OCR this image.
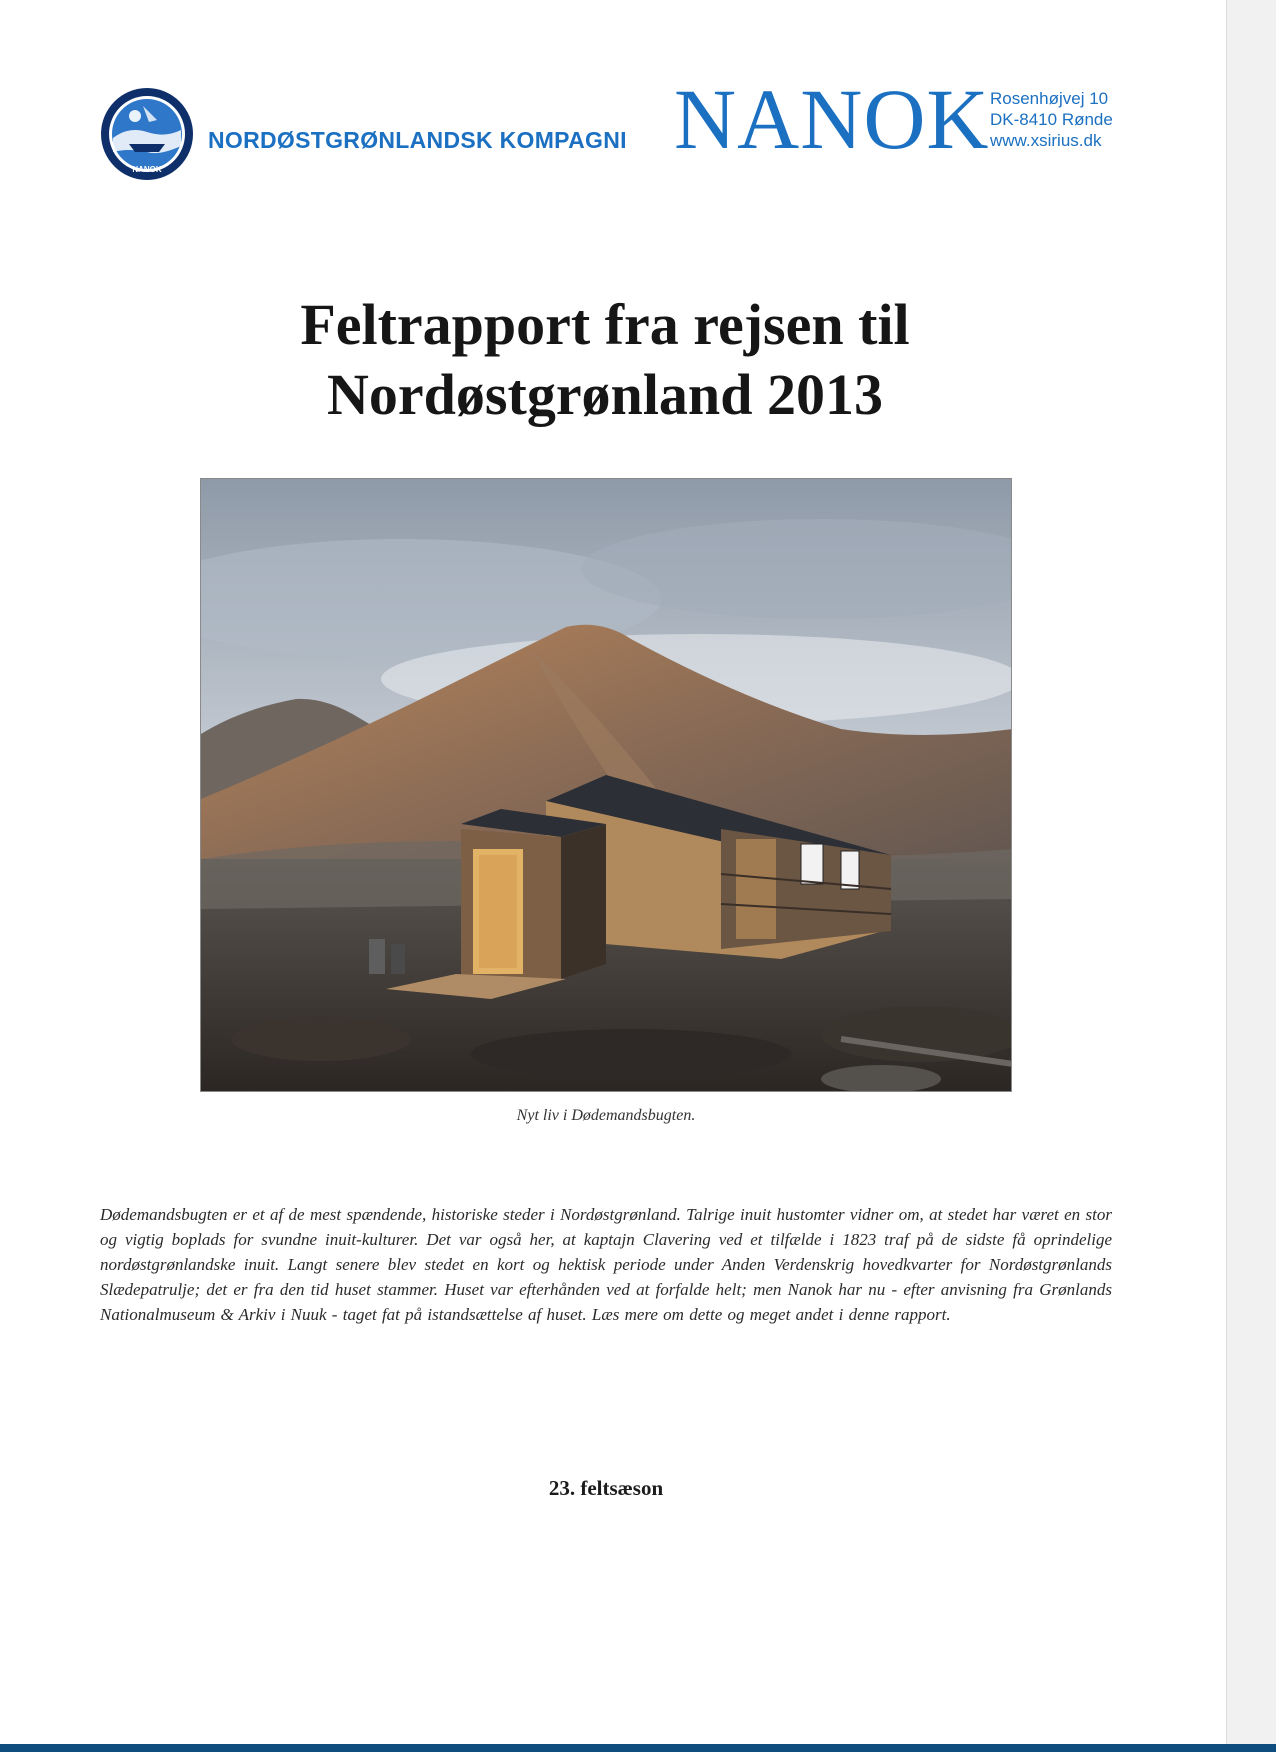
NANOK
NORDØSTGRØNLANDSK KOMPAGNI NANOK Rosenhøjvej 10
DK-8410 Rønde
www.xsirius.dk
Feltrapport fra rejsen til
Nordøstgrønland 2013
Nyt liv i Dødemandsbugten.
Dødemandsbugten er et af de mest spændende, historiske steder i Nordøstgrønland. Talrige inuit hustomter vidner om, at stedet har været en stor og vigtig boplads for svundne inuit-kulturer. Det var også her, at kaptajn Clavering ved et tilfælde i 1823 traf på de sidste få oprindelige nordøstgrønlandske inuit. Langt senere blev stedet en kort og hektisk periode under Anden Verdenskrig hovedkvarter for Nordøstgrønlands Slædepatrulje; det er fra den tid huset stammer. Huset var efterhånden ved at forfalde helt; men Nanok har nu - efter anvisning fra Grønlands Nationalmuseum & Arkiv i Nuuk - taget fat på istandsættelse af huset. Læs mere om dette og meget andet i denne rapport.
23. feltsæson
